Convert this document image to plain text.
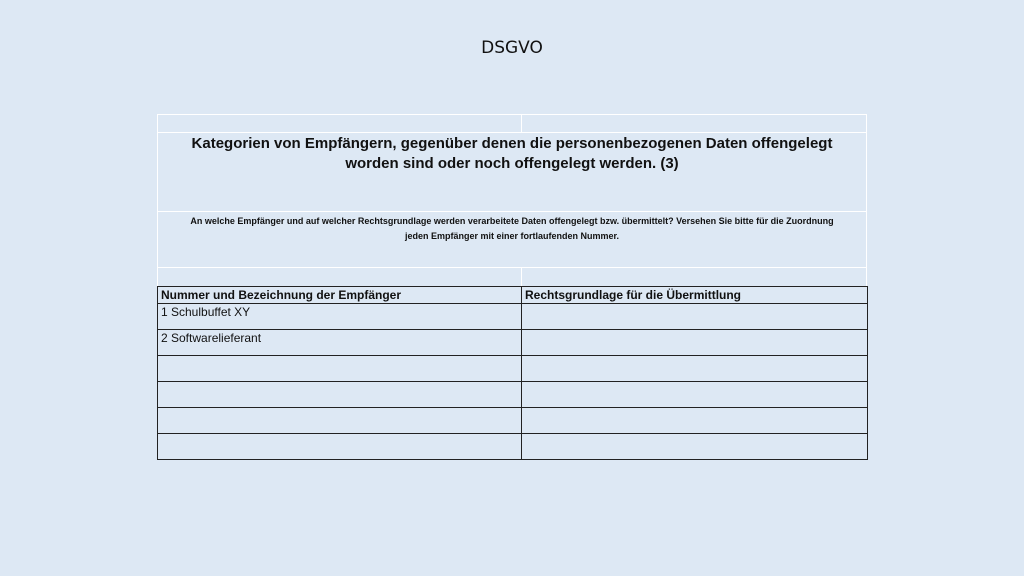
DSGVO
Kategorien von Empfängern, gegenüber denen die personenbezogenen Daten offengelegt
worden sind oder noch offengelegt werden. (3)
An welche Empfänger und auf welcher Rechtsgrundlage werden verarbeitete Daten offengelegt bzw. übermittelt? Versehen Sie bitte für die Zuordnung
jeden Empfänger mit einer fortlaufenden Nummer.
Nummer und Bezeichnung der Empfänger	Rechtsgrundlage für die Übermittlung
1 Schulbuffet XY	
2 Softwarelieferant	
